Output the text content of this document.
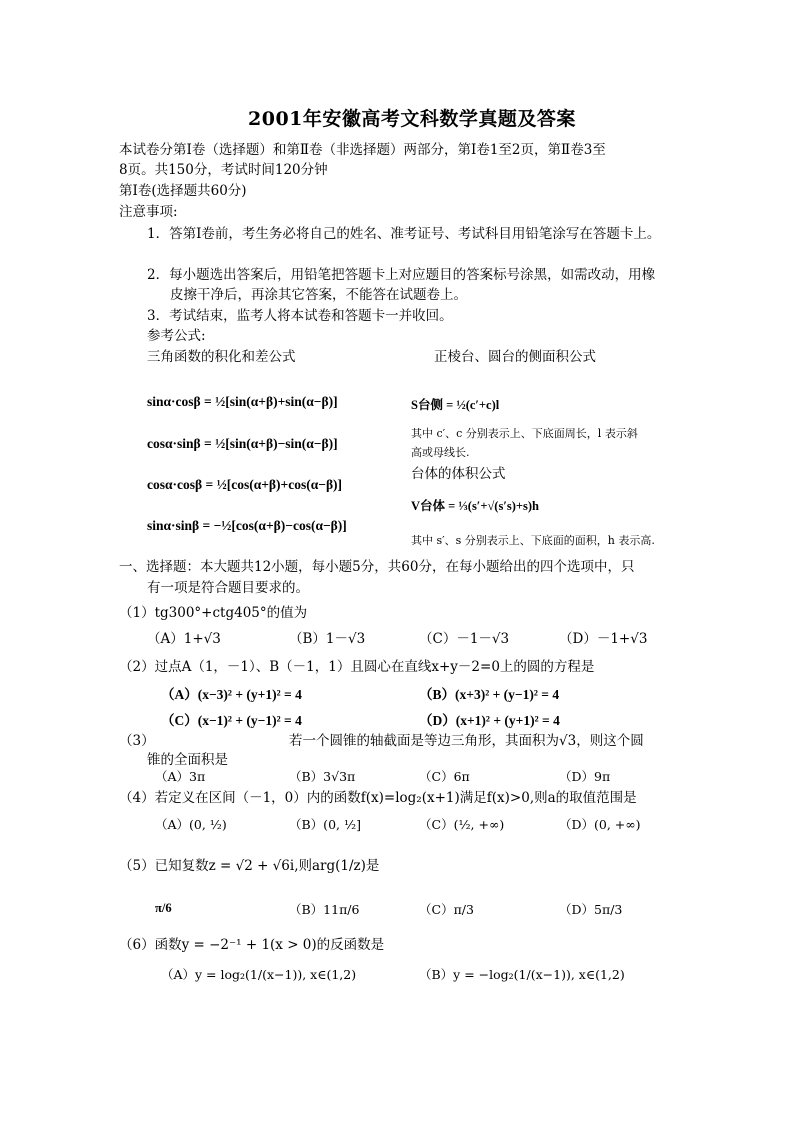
2001年安徽高考文科数学真题及答案
本试卷分第Ⅰ卷（选择题）和第Ⅱ卷（非选择题）两部分，第Ⅰ卷1至2页，第Ⅱ卷3至
8页。共150分，考试时间120分钟
第Ⅰ卷(选择题共60分)
注意事项:
1．答第Ⅰ卷前，考生务必将自己的姓名、准考证号、考试科目用铅笔涂写在答题卡上。
2．每小题选出答案后，用铅笔把答题卡上对应题目的答案标号涂黑，如需改动，用橡
皮擦干净后，再涂其它答案，不能答在试题卷上。
3．考试结束，监考人将本试卷和答题卡一并收回。
参考公式:
三角函数的积化和差公式	正棱台、圆台的侧面积公式
sinα·cosβ = ½[sin(α+β)+sin(α−β)]
cosα·sinβ = ½[sin(α+β)−sin(α−β)]
cosα·cosβ = ½[cos(α+β)+cos(α−β)]
sinα·sinβ = −½[cos(α+β)−cos(α−β)]
S台侧 = ½(c′+c)l
其中 c′、c 分别表示上、下底面周长，l 表示斜
高或母线长.
台体的体积公式
V台体 = ⅓(s′+√(s′s)+s)h
其中 s′、s 分别表示上、下底面的面积，h 表示高.
一、选择题：本大题共12小题，每小题5分，共60分，在每小题给出的四个选项中，只
有一项是符合题目要求的。
（1）tg300°+ctg405°的值为
（A）1+√3	（B）1－√3	（C）－1－√3	（D）－1+√3
（2）过点A（1，－1）、B（－1，1）且圆心在直线x+y－2=0上的圆的方程是
（A）(x−3)² + (y+1)² = 4	（B）(x+3)² + (y−1)² = 4
（C）(x−1)² + (y−1)² = 4	（D）(x+1)² + (y+1)² = 4
（3）	若一个圆锥的轴截面是等边三角形，其面积为√3，则这个圆
锥的全面积是
（A）3π	（B）3√3π	（C）6π	（D）9π
（4）若定义在区间（－1，0）内的函数f(x)=log₂(x+1)满足f(x)>0,则a的取值范围是
（A）(0, ½)	（B）(0, ½]	（C）(½, +∞)	（D）(0, +∞)
（5）已知复数z = √2 + √6i,则arg(1/z)是
π/6	（B）11π/6	（C）π/3	（D）5π/3
（6）函数y = −2⁻¹ + 1(x > 0)的反函数是
（A）y = log₂(1/(x−1)), x∈(1,2)	（B）y = −log₂(1/(x−1)), x∈(1,2)
